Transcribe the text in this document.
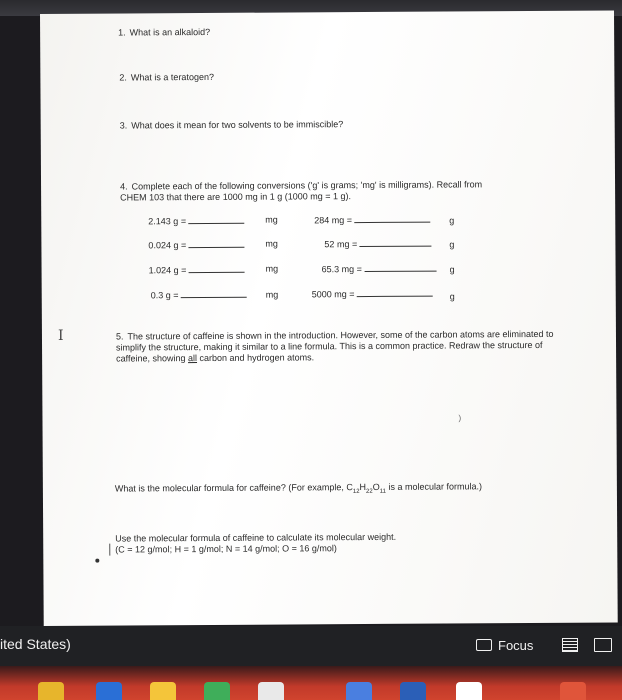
1. What is an alkaloid?
2. What is a teratogen?
3. What does it mean for two solvents to be immiscible?
4. Complete each of the following conversions ('g' is grams; 'mg' is milligrams). Recall from
CHEM 103 that there are 1000 mg in 1 g (1000 mg = 1 g).
2.143 g =	mg	284 mg =	g
0.024 g =	mg	52 mg =	g
1.024 g =	mg	65.3 mg =	g
0.3 g =	mg	5000 mg =	g
5. The structure of caffeine is shown in the introduction. However, some of the carbon atoms are eliminated to simplify the structure, making it similar to a line formula. This is a common practice. Redraw the structure of caffeine, showing all carbon and hydrogen atoms.
)
What is the molecular formula for caffeine? (For example, $C_{12}H_{22}O_{11}$ is a molecular formula.)
Use the molecular formula of caffeine to calculate its molecular weight.
(C = 12 g/mol; H = 1 g/mol; N = 14 g/mol; O = 16 g/mol)
I
ited States)	Focus
